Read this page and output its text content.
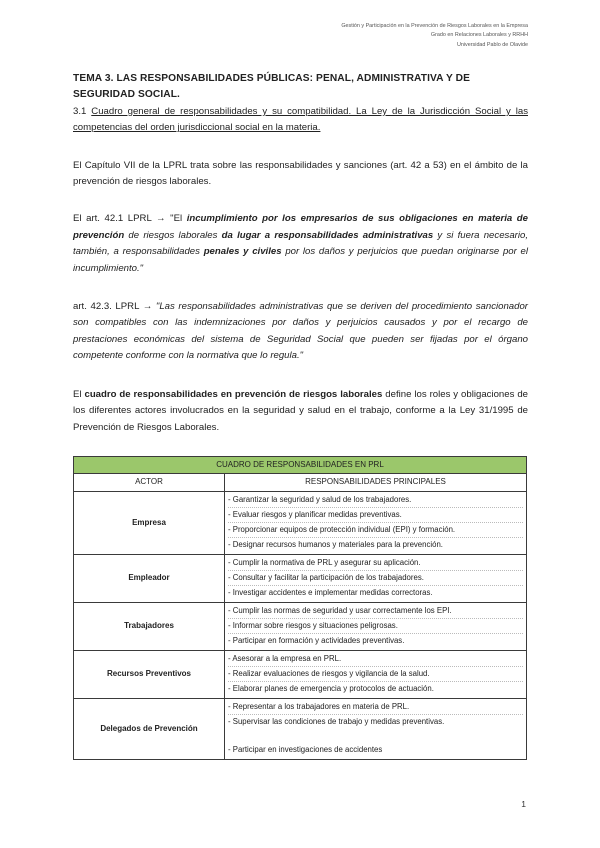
Gestión y Participación en la Prevención de Riesgos Laborales en la Empresa
Grado en Relaciones Laborales y RRHH
Universidad Pablo de Olavide
TEMA 3. LAS RESPONSABILIDADES PÚBLICAS: PENAL, ADMINISTRATIVA Y DE SEGURIDAD SOCIAL.

3.1 Cuadro general de responsabilidades y su compatibilidad. La Ley de la Jurisdicción Social y las competencias del orden jurisdiccional social en la materia.

El Capítulo VII de la LPRL trata sobre las responsabilidades y sanciones (art. 42 a 53) en el ámbito de la prevención de riesgos laborales.

El art. 42.1 LPRL → "El incumplimiento por los empresarios de sus obligaciones en materia de prevención de riesgos laborales da lugar a responsabilidades administrativas y si fuera necesario, también, a responsabilidades penales y civiles por los daños y perjuicios que puedan originarse por el incumplimiento."

art. 42.3. LPRL → "Las responsabilidades administrativas que se deriven del procedimiento sancionador son compatibles con las indemnizaciones por daños y perjuicios causados y por el recargo de prestaciones económicas del sistema de Seguridad Social que pueden ser fijadas por el órgano competente conforme con la normativa que lo regula."

El cuadro de responsabilidades en prevención de riesgos laborales define los roles y obligaciones de los diferentes actores involucrados en la seguridad y salud en el trabajo, conforme a la Ley 31/1995 de Prevención de Riesgos Laborales.

CUADRO DE RESPONSABILIDADES EN PRL	
ACTOR	RESPONSABILIDADES PRINCIPALES
Empresa	- Garantizar la seguridad y salud de los trabajadores.
- Evaluar riesgos y planificar medidas preventivas.
- Proporcionar equipos de protección individual (EPI) y formación.
- Designar recursos humanos y materiales para la prevención.

Empleador	- Cumplir la normativa de PRL y asegurar su aplicación.
- Consultar y facilitar la participación de los trabajadores.
- Investigar accidentes e implementar medidas correctoras.

Trabajadores	- Cumplir las normas de seguridad y usar correctamente los EPI.
- Informar sobre riesgos y situaciones peligrosas.
- Participar en formación y actividades preventivas.

Recursos Preventivos	- Asesorar a la empresa en PRL.
- Realizar evaluaciones de riesgos y vigilancia de la salud.
- Elaborar planes de emergencia y protocolos de actuación.

Delegados de Prevención	- Representar a los trabajadores en materia de PRL.
- Supervisar las condiciones de trabajo y medidas preventivas.
- Participar en investigaciones de accidentes
1
